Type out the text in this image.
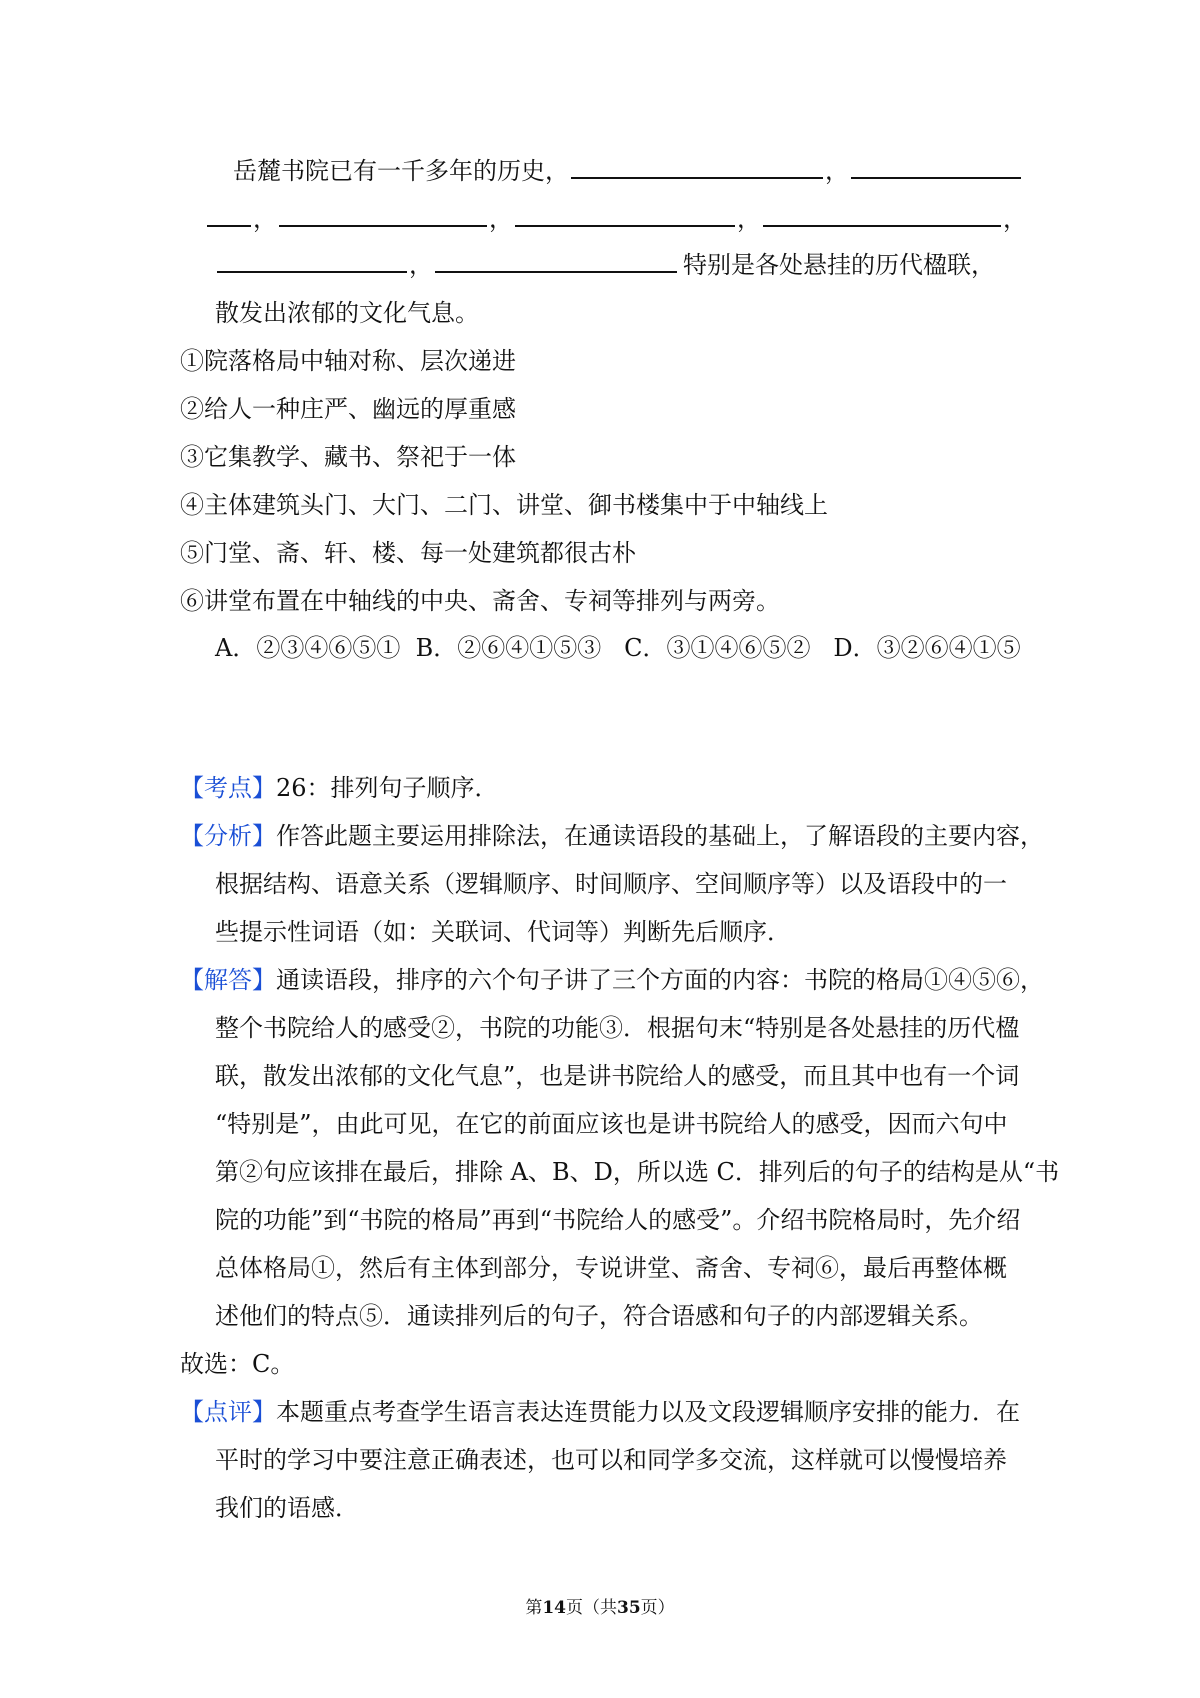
岳麓书院已有一千多年的历史，	，
，	，	，	，
，	特别是各处悬挂的历代楹联，
散发出浓郁的文化气息。
①院落格局中轴对称、层次递进
②给人一种庄严、幽远的厚重感
③它集教学、藏书、祭祀于一体
④主体建筑头门、大门、二门、讲堂、御书楼集中于中轴线上
⑤门堂、斋、轩、楼、每一处建筑都很古朴
⑥讲堂布置在中轴线的中央、斋舍、专祠等排列与两旁。
A．②③④⑥⑤①  B．②⑥④①⑤③   C．③①④⑥⑤②   D．③②⑥④①⑤
【考点】26：排列句子顺序．
【分析】作答此题主要运用排除法，在通读语段的基础上，了解语段的主要内容，
根据结构、语意关系（逻辑顺序、时间顺序、空间顺序等）以及语段中的一
些提示性词语（如：关联词、代词等）判断先后顺序．
【解答】通读语段，排序的六个句子讲了三个方面的内容：书院的格局①④⑤⑥，
整个书院给人的感受②，书院的功能③．根据句末“特别是各处悬挂的历代楹
联，散发出浓郁的文化气息”，也是讲书院给人的感受，而且其中也有一个词
“特别是”，由此可见，在它的前面应该也是讲书院给人的感受，因而六句中
第②句应该排在最后，排除 A、B、D，所以选 C．排列后的句子的结构是从“书
院的功能”到“书院的格局”再到“书院给人的感受”。介绍书院格局时，先介绍
总体格局①，然后有主体到部分，专说讲堂、斋舍、专祠⑥，最后再整体概
述他们的特点⑤．通读排列后的句子，符合语感和句子的内部逻辑关系。
故选：C。
【点评】本题重点考查学生语言表达连贯能力以及文段逻辑顺序安排的能力．在
平时的学习中要注意正确表述，也可以和同学多交流，这样就可以慢慢培养
我们的语感．
第14页（共35页）
